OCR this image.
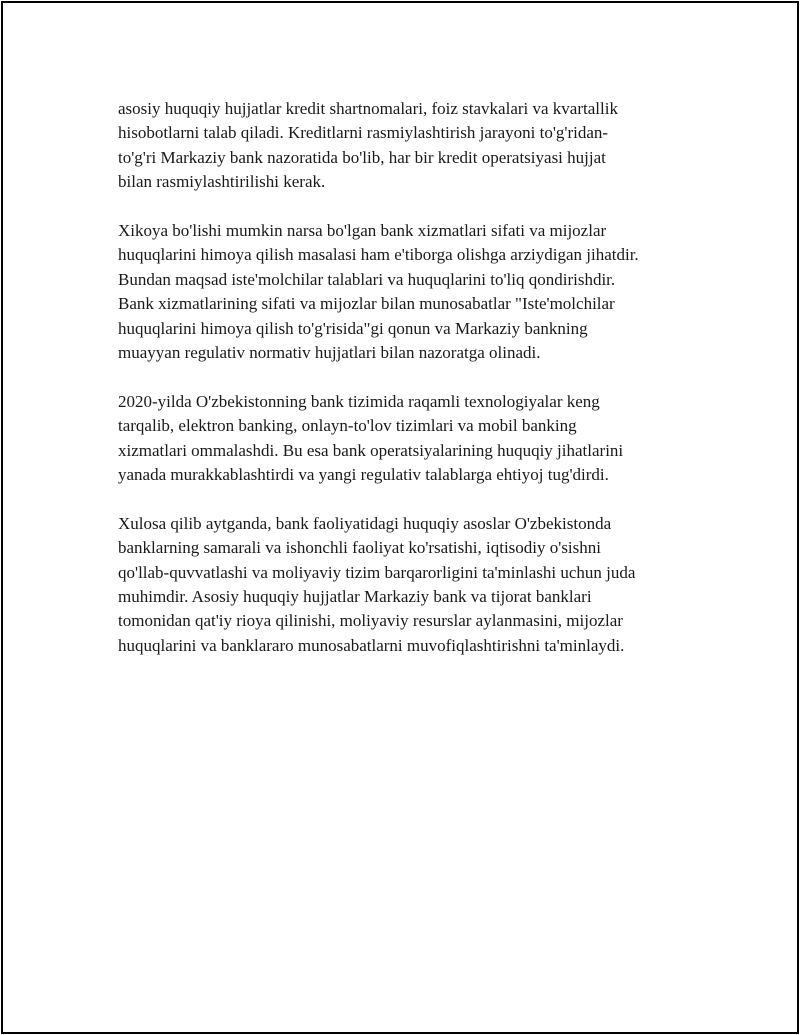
asosiy huquqiy hujjatlar kredit shartnomalari, foiz stavkalari va kvartallik
hisobotlarni talab qiladi. Kreditlarni rasmiylashtirish jarayoni to'g'ridan-
to'g'ri Markaziy bank nazoratida bo'lib, har bir kredit operatsiyasi hujjat
bilan rasmiylashtirilishi kerak.

Xikoya bo'lishi mumkin narsa bo'lgan bank xizmatlari sifati va mijozlar
huquqlarini himoya qilish masalasi ham e'tiborga olishga arziydigan jihatdir.
Bundan maqsad iste'molchilar talablari va huquqlarini to'liq qondirishdir.
Bank xizmatlarining sifati va mijozlar bilan munosabatlar "Iste'molchilar
huquqlarini himoya qilish to'g'risida"gi qonun va Markaziy bankning
muayyan regulativ normativ hujjatlari bilan nazoratga olinadi.

2020-yilda O'zbekistonning bank tizimida raqamli texnologiyalar keng
tarqalib, elektron banking, onlayn-to'lov tizimlari va mobil banking
xizmatlari ommalashdi. Bu esa bank operatsiyalarining huquqiy jihatlarini
yanada murakkablashtirdi va yangi regulativ talablarga ehtiyoj tug'dirdi.

Xulosa qilib aytganda, bank faoliyatidagi huquqiy asoslar O'zbekistonda
banklarning samarali va ishonchli faoliyat ko'rsatishi, iqtisodiy o'sishni
qo'llab-quvvatlashi va moliyaviy tizim barqarorligini ta'minlashi uchun juda
muhimdir. Asosiy huquqiy hujjatlar Markaziy bank va tijorat banklari
tomonidan qat'iy rioya qilinishi, moliyaviy resurslar aylanmasini, mijozlar
huquqlarini va banklararo munosabatlarni muvofiqlashtirishni ta'minlaydi.
